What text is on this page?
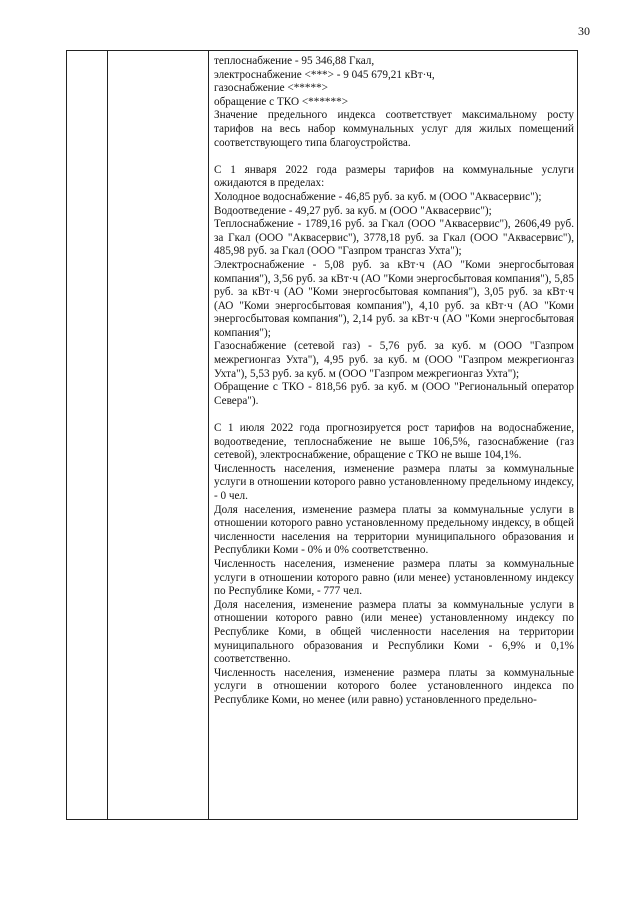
30
теплоснабжение - 95 346,88 Гкал,
электроснабжение <***> - 9 045 679,21 кВт·ч,
газоснабжение <*****>
обращение с ТКО <******>
Значение предельного индекса соответствует максимальному росту тарифов на весь набор коммунальных услуг для жилых помещений соответствующего типа благоустройства.
С 1 января 2022 года размеры тарифов на коммунальные услуги ожидаются в пределах:
Холодное водоснабжение - 46,85 руб. за куб. м (ООО "Аквасервис");
Водоотведение - 49,27 руб. за куб. м (ООО "Аквасервис");
Теплоснабжение - 1789,16 руб. за Гкал (ООО "Аквасервис"), 2606,49 руб. за Гкал (ООО "Аквасервис"), 3778,18 руб. за Гкал (ООО "Аквасервис"), 485,98 руб. за Гкал (ООО "Газпром трансгаз Ухта");
Электроснабжение - 5,08 руб. за кВт·ч (АО "Коми энергосбытовая компания"), 3,56 руб. за кВт·ч (АО "Коми энергосбытовая компания"), 5,85 руб. за кВт·ч (АО "Коми энергосбытовая компания"), 3,05 руб. за кВт·ч (АО "Коми энергосбытовая компания"), 4,10 руб. за кВт·ч (АО "Коми энергосбытовая компания"), 2,14 руб. за кВт·ч (АО "Коми энергосбытовая компания");
Газоснабжение (сетевой газ) - 5,76 руб. за куб. м (ООО "Газпром межрегионгаз Ухта"), 4,95 руб. за куб. м (ООО "Газпром межрегионгаз Ухта"), 5,53 руб. за куб. м (ООО "Газпром межрегионгаз Ухта");
Обращение с ТКО - 818,56 руб. за куб. м (ООО "Региональный оператор Севера").
С 1 июля 2022 года прогнозируется рост тарифов на водоснабжение, водоотведение, теплоснабжение не выше 106,5%, газоснабжение (газ сетевой), электроснабжение, обращение с ТКО не выше 104,1%.
Численность населения, изменение размера платы за коммунальные услуги в отношении которого равно установленному предельному индексу, - 0 чел.
Доля населения, изменение размера платы за коммунальные услуги в отношении которого равно установленному предельному индексу, в общей численности населения на территории муниципального образования и Республики Коми - 0% и 0% соответственно.
Численность населения, изменение размера платы за коммунальные услуги в отношении которого равно (или менее) установленному индексу по Республике Коми, - 777 чел.
Доля населения, изменение размера платы за коммунальные услуги в отношении которого равно (или менее) установленному индексу по Республике Коми, в общей численности населения на территории муниципального образования и Республики Коми - 6,9% и 0,1% соответственно.
Численность населения, изменение размера платы за коммунальные услуги в отношении которого более установленного индекса по Республике Коми, но менее (или равно) установленного предельно-
